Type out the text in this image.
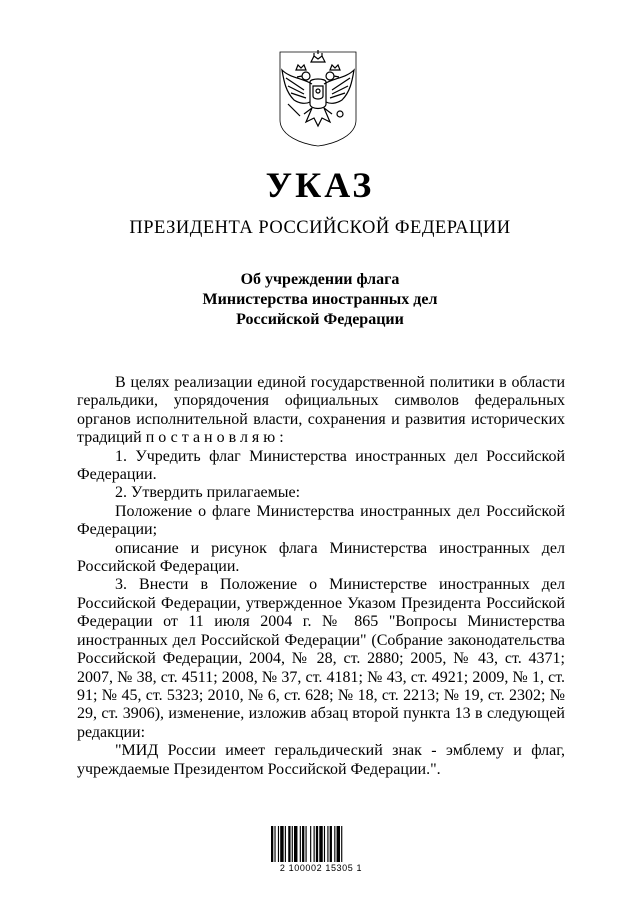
УКАЗ
ПРЕЗИДЕНТА РОССИЙСКОЙ ФЕДЕРАЦИИ
Об учреждении флага
Министерства иностранных дел
Российской Федерации

В целях реализации единой государственной политики в области геральдики, упорядочения официальных символов федеральных органов исполнительной власти, сохранения и развития исторических традиций постановляю:

1. Учредить флаг Министерства иностранных дел Российской Федерации.

2. Утвердить прилагаемые:

Положение о флаге Министерства иностранных дел Российской Федерации;

описание и рисунок флага Министерства иностранных дел Российской Федерации.

3. Внести в Положение о Министерстве иностранных дел Российской Федерации, утвержденное Указом Президента Российской Федерации от 11 июля 2004 г. № 865 "Вопросы Министерства иностранных дел Российской Федерации" (Собрание законодательства Российской Федерации, 2004, № 28, ст. 2880; 2005, № 43, ст. 4371; 2007, № 38, ст. 4511; 2008, № 37, ст. 4181; № 43, ст. 4921; 2009, № 1, ст. 91; № 45, ст. 5323; 2010, № 6, ст. 628; № 18, ст. 2213; № 19, ст. 2302; № 29, ст. 3906), изменение, изложив абзац второй пункта 13 в следующей редакции:

"МИД России имеет геральдический знак - эмблему и флаг, учреждаемые Президентом Российской Федерации.".

2 100002 15305 1
